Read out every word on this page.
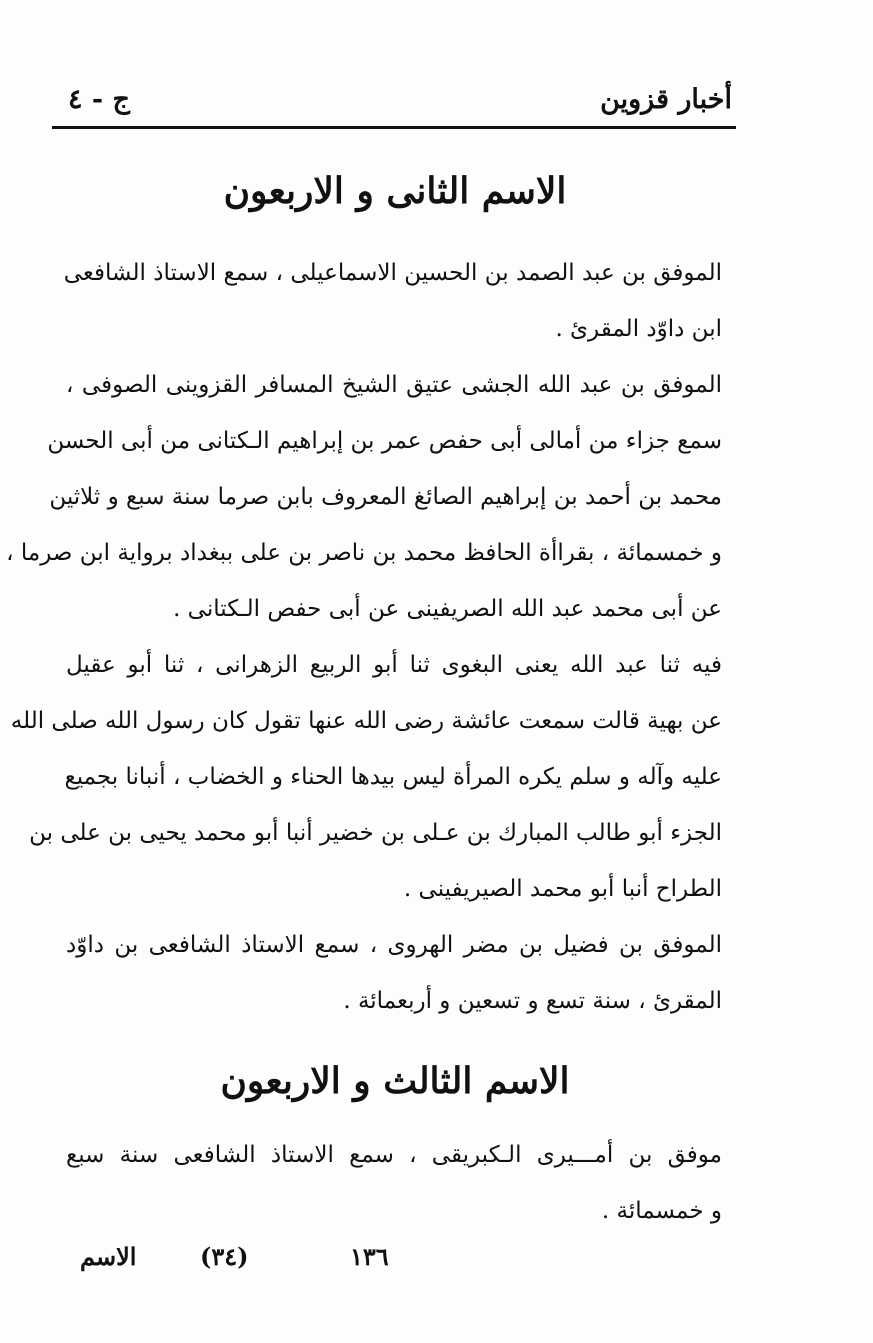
أخبار قزوين
ج - ٤
الاسم الثانى و الاربعون
الموفق بن عبد الصمد بن الحسين الاسماعيلى ، سمع الاستاذ الشافعى
ابن داوّد المقرئ .
الموفق بن عبد الله الجشى عتيق الشيخ المسافر القزوينى الصوفى ،
سمع جزاء من أمالى أبى حفص عمر بن إبراهيم الـكتانى من أبى الحسن
محمد بن أحمد بن إبراهيم الصائغ المعروف بابن صرما سنة سبع و ثلاثين
و خمسمائة ، بقراأة الحافظ محمد بن ناصر بن على ببغداد برواية ابن صرما ،
عن أبى محمد عبد الله الصريفينى عن أبى حفص الـكتانى .
فيه ثنا عبد الله يعنى البغوى ثنا أبو الربيع الزهرانى ، ثنا أبو عقيل
عن بهية قالت سمعت عائشة رضى الله عنها تقول كان رسول الله صلى الله
عليه وآله و سلم يكره المرأة ليس بيدها الحناء و الخضاب ، أنبانا بجميع
الجزء أبو طالب المبارك بن عـلى بن خضير أنبا أبو محمد يحيى بن على بن
الطراح أنبا أبو محمد الصيريفينى .
الموفق بن فضيل بن مضر الهروى ، سمع الاستاذ الشافعى بن داوّد
المقرئ ، سنة تسع و تسعين و أربعمائة .
الاسم الثالث و الاربعون
موفق بن أمـــيرى الـكبريقى ، سمع الاستاذ الشافعى سنة سبع
و خمسمائة .
الاسم	(٣٤)	١٣٦
